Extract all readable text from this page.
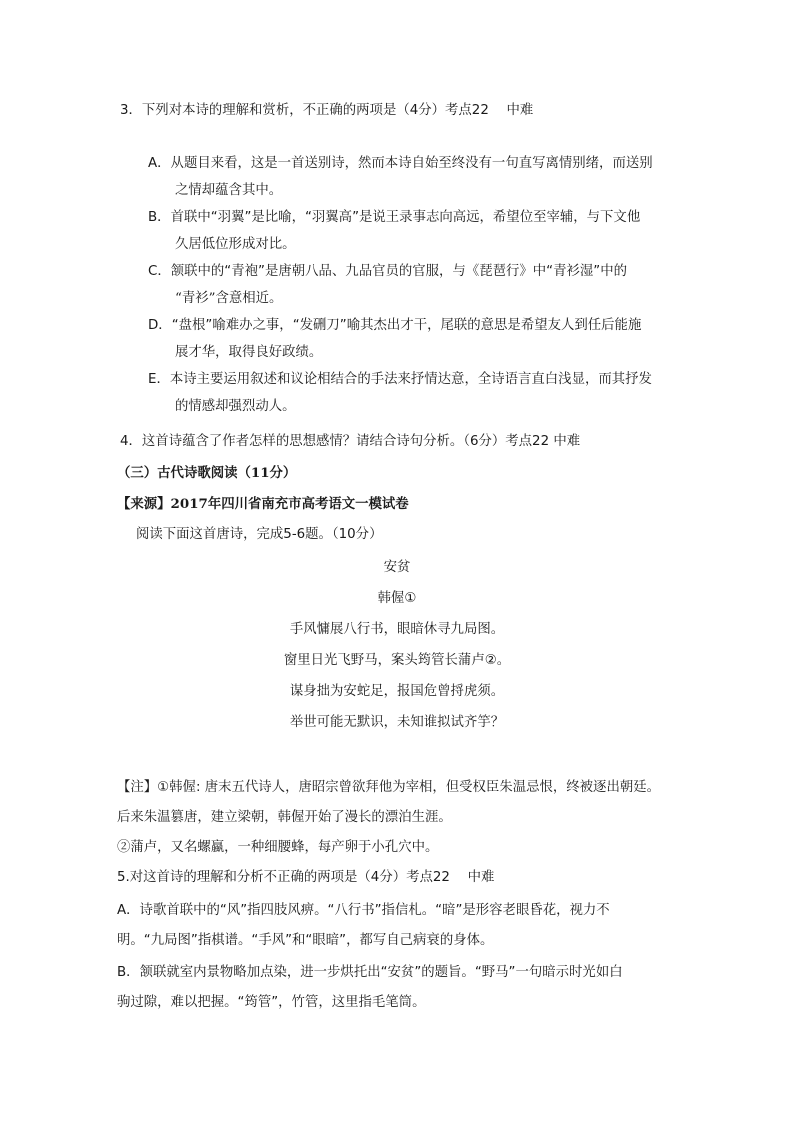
3．下列对本诗的理解和赏析，不正确的两项是（4分）考点22　 中难
A．从题目来看，这是一首送别诗，然而本诗自始至终没有一句直写离情别绪，而送别
之情却蕴含其中。
B．首联中“羽翼”是比喻，“羽翼高”是说王录事志向高远，希望位至宰辅，与下文他
久居低位形成对比。
C．颔联中的“青袍”是唐朝八品、九品官员的官服，与《琵琶行》中“青衫湿”中的
“青衫”含意相近。
D．“盘根”喻难办之事，“发硎刀”喻其杰出才干，尾联的意思是希望友人到任后能施
展才华，取得良好政绩。
E．本诗主要运用叙述和议论相结合的手法来抒情达意，全诗语言直白浅显，而其抒发
的情感却强烈动人。
4．这首诗蕴含了作者怎样的思想感情？请结合诗句分析。（6分）考点22 中难
（三）古代诗歌阅读（11分）
【来源】2017年四川省南充市高考语文一模试卷
阅读下面这首唐诗，完成5-6题。（10分）
安贫
韩偓①
手风慵展八行书，眼暗休寻九局图。
窗里日光飞野马，案头筠管长蒲卢②。
谋身拙为安蛇足，报国危曾捋虎须。
举世可能无默识，未知谁拟试齐竽？
【注】①韩偓: 唐末五代诗人，唐昭宗曾欲拜他为宰相，但受权臣朱温忌恨，终被逐出朝廷。
后来朱温篡唐，建立梁朝，韩偓开始了漫长的漂泊生涯。
②蒲卢，又名螺蠃，一种细腰蜂，每产卵于小孔穴中。
5.对这首诗的理解和分析不正确的两项是（4分）考点22　 中难
A．诗歌首联中的“风”指四肢风痹。“八行书”指信札。“暗”是形容老眼昏花，视力不
明。“九局图”指棋谱。“手风”和“眼暗”，都写自己病衰的身体。
B．颔联就室内景物略加点染，进一步烘托出“安贫”的题旨。“野马”一句暗示时光如白
驹过隙，难以把握。“筠管”，竹管，这里指毛笔筒。
